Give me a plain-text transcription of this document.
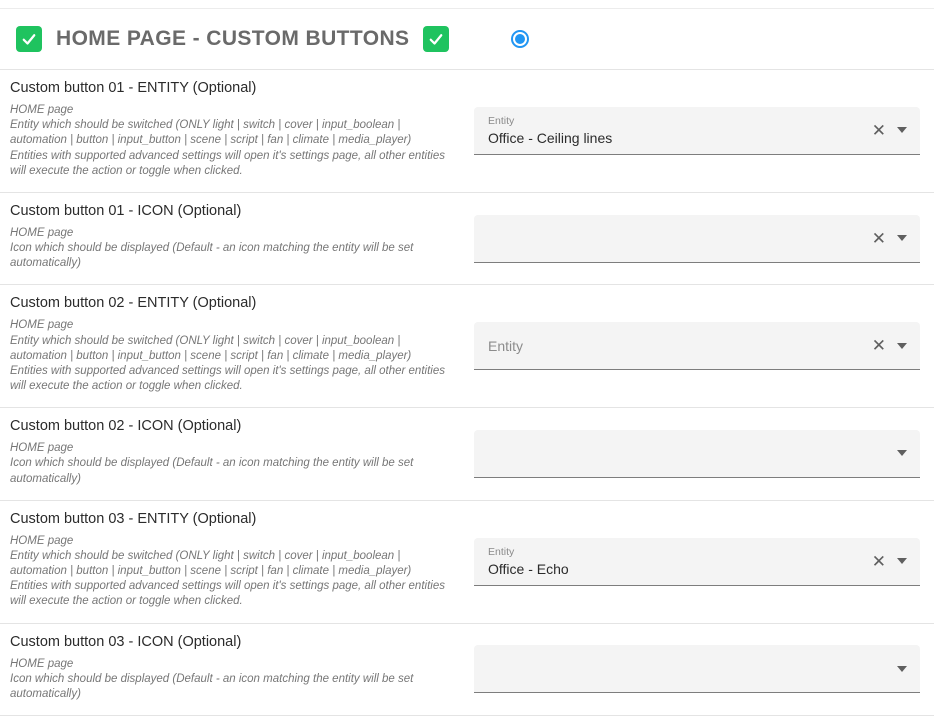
HOME PAGE - CUSTOM BUTTONS
Custom button 01 - ENTITY (Optional)
HOME page
Entity which should be switched (ONLY light | switch | cover | input_boolean | automation | button | input_button | scene | script | fan | climate | media_player)
Entities with supported advanced settings will open it's settings page, all other entities will execute the action or toggle when clicked.
Entity
Office - Ceiling lines	✕
Custom button 01 - ICON (Optional)
HOME page
Icon which should be displayed (Default - an icon matching the entity will be set automatically)
✕
Custom button 02 - ENTITY (Optional)
HOME page
Entity which should be switched (ONLY light | switch | cover | input_boolean | automation | button | input_button | scene | script | fan | climate | media_player)
Entities with supported advanced settings will open it's settings page, all other entities will execute the action or toggle when clicked.
Entity	✕
Custom button 02 - ICON (Optional)
HOME page
Icon which should be displayed (Default - an icon matching the entity will be set automatically)
Custom button 03 - ENTITY (Optional)
HOME page
Entity which should be switched (ONLY light | switch | cover | input_boolean | automation | button | input_button | scene | script | fan | climate | media_player)
Entities with supported advanced settings will open it's settings page, all other entities will execute the action or toggle when clicked.
Entity
Office - Echo	✕
Custom button 03 - ICON (Optional)
HOME page
Icon which should be displayed (Default - an icon matching the entity will be set automatically)
